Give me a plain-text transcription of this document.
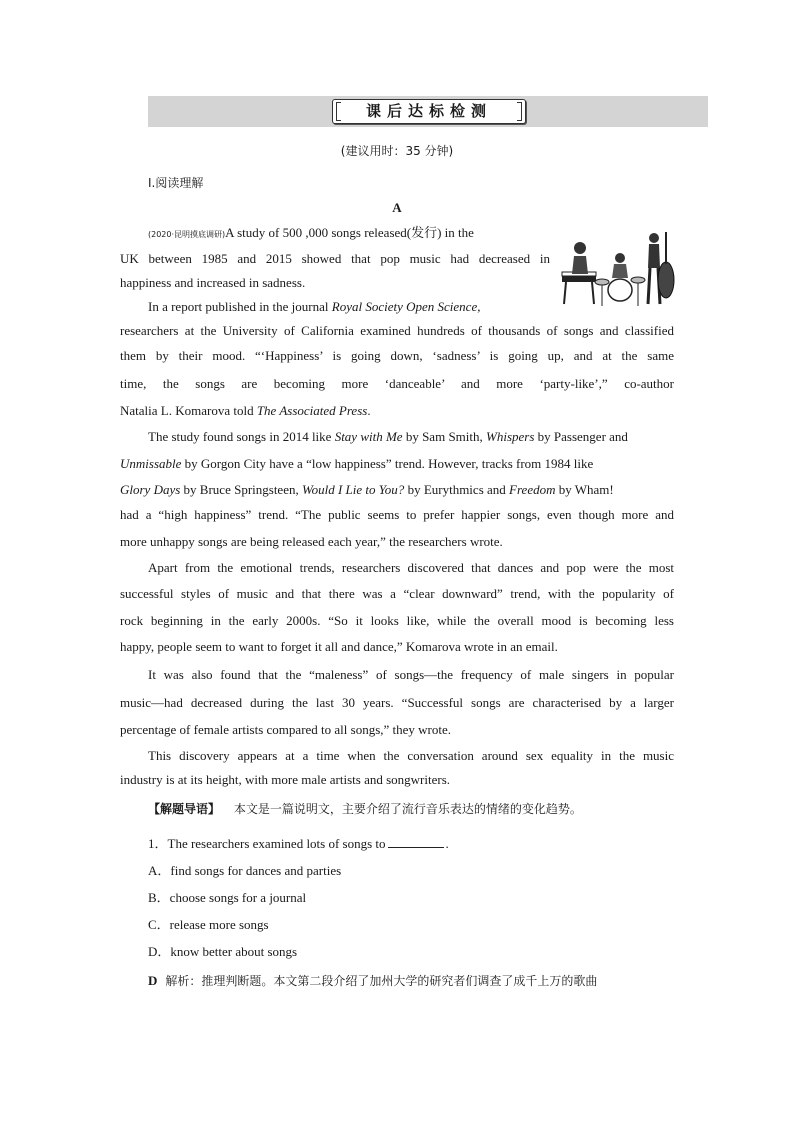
课后达标检测
(建议用时：35 分钟)
Ⅰ.阅读理解
A
(2020·昆明摸底调研)A study of 500 ,000 songs released(发行) in the
UK between 1985 and 2015 showed that pop music had decreased in
happiness and increased in sadness.
In a report published in the journal Royal Society Open Science,
researchers at the University of California examined hundreds of thousands of songs and classified
them by their mood. “‘Happiness’ is going down, ‘sadness’ is going up, and at the same
time, the songs are becoming more ‘danceable’ and more ‘party-like’,” co-author
Natalia L. Komarova told The Associated Press.
The study found songs in 2014 like Stay with Me by Sam Smith, Whispers by Passenger and
Unmissable by Gorgon City have a “low happiness” trend. However, tracks from 1984 like
Glory Days by Bruce Springsteen, Would I Lie to You? by Eurythmics and Freedom by Wham!
had a “high happiness” trend. “The public seems to prefer happier songs, even though more and
more unhappy songs are being released each year,” the researchers wrote.
Apart from the emotional trends, researchers discovered that dances and pop were the most
successful styles of music and that there was a “clear downward” trend, with the popularity of
rock beginning in the early 2000s. “So it looks like, while the overall mood is becoming less
happy, people seem to want to forget it all and dance,” Komarova wrote in an email.
It was also found that the “maleness” of songs—the frequency of male singers in popular
music—had decreased during the last 30 years. “Successful songs are characterised by a larger
percentage of female artists compared to all songs,” they wrote.
This discovery appears at a time when the conversation around sex equality in the music
industry is at its height, with more male artists and songwriters.
【解题导语】 本文是一篇说明文，主要介绍了流行音乐表达的情绪的变化趋势。
1．The researchers examined lots of songs to	.
A．find songs for dances and parties
B．choose songs for a journal
C．release more songs
D．know better about songs
D 解析：推理判断题。本文第二段介绍了加州大学的研究者们调查了成千上万的歌曲
